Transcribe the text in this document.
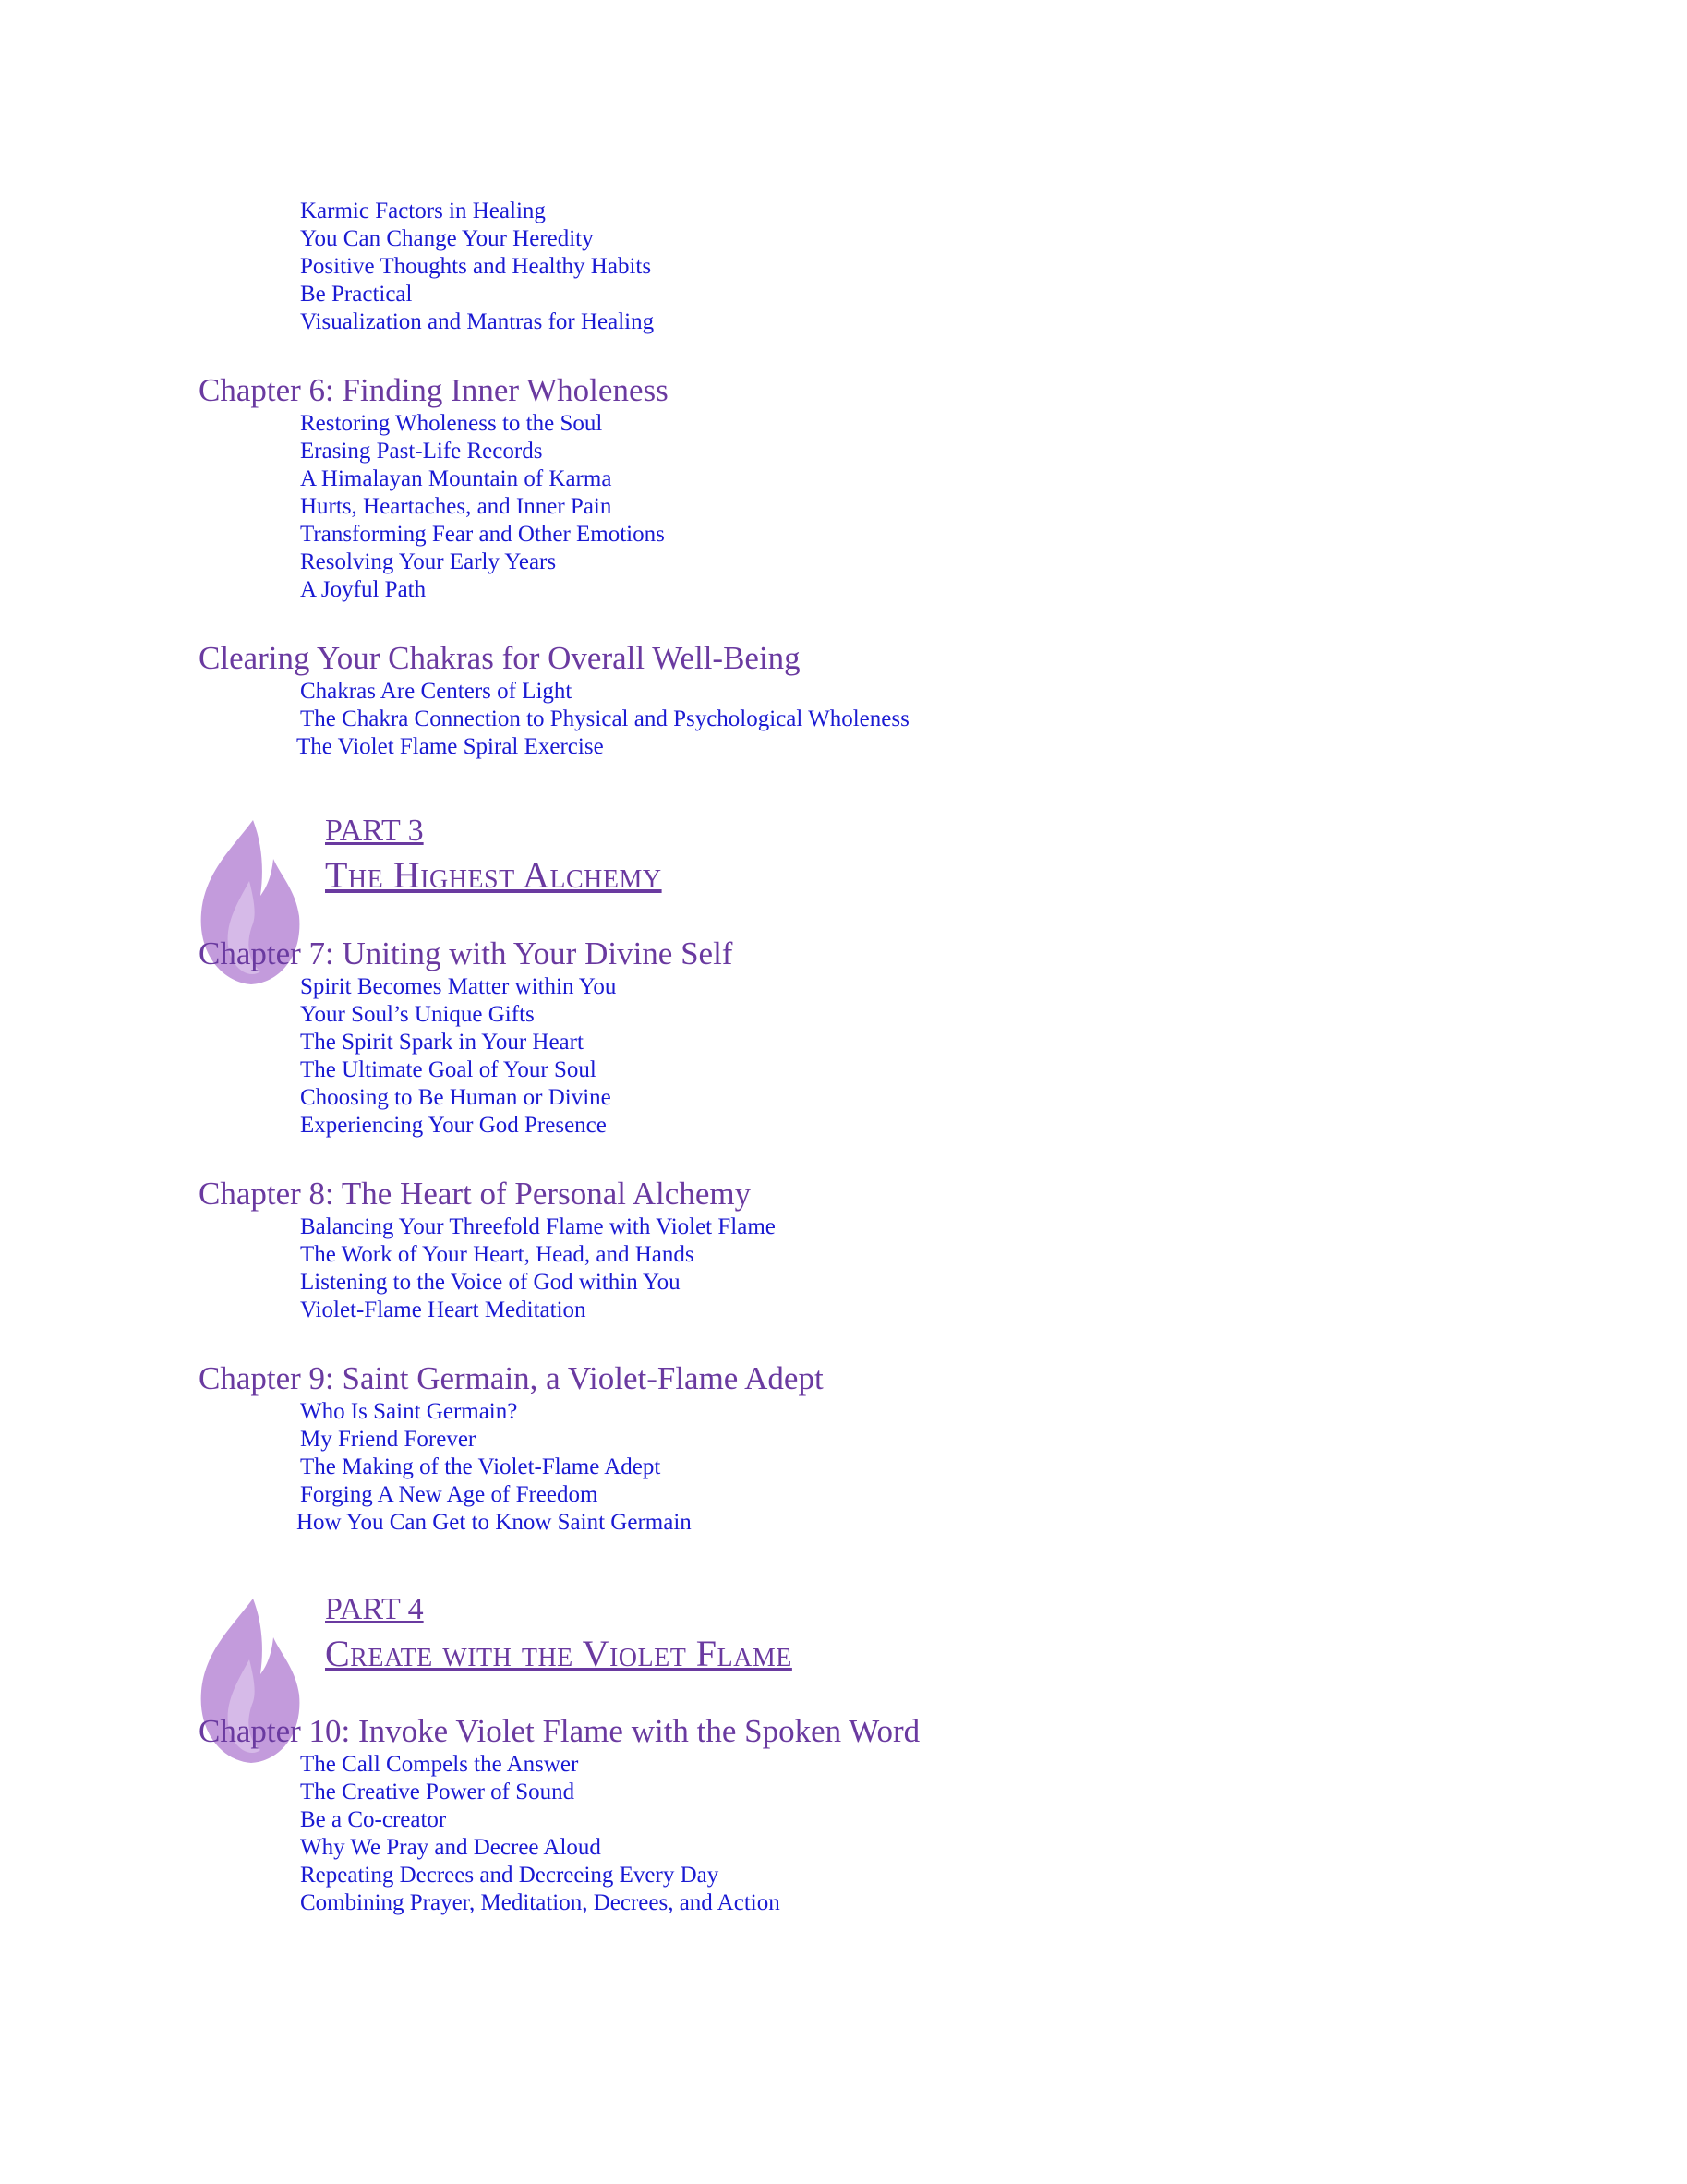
Karmic Factors in Healing
You Can Change Your Heredity
Positive Thoughts and Healthy Habits
Be Practical
Visualization and Mantras for Healing
Chapter 6: Finding Inner Wholeness
Restoring Wholeness to the Soul
Erasing Past-Life Records
A Himalayan Mountain of Karma
Hurts, Heartaches, and Inner Pain
Transforming Fear and Other Emotions
Resolving Your Early Years
A Joyful Path
Clearing Your Chakras for Overall Well-Being
Chakras Are Centers of Light
The Chakra Connection to Physical and Psychological Wholeness
The Violet Flame Spiral Exercise
PART 3
The Highest Alchemy
Chapter 7: Uniting with Your Divine Self
Spirit Becomes Matter within You
Your Soul’s Unique Gifts
The Spirit Spark in Your Heart
The Ultimate Goal of Your Soul
Choosing to Be Human or Divine
Experiencing Your God Presence
Chapter 8: The Heart of Personal Alchemy
Balancing Your Threefold Flame with Violet Flame
The Work of Your Heart, Head, and Hands
Listening to the Voice of God within You
Violet-Flame Heart Meditation
Chapter 9: Saint Germain, a Violet-Flame Adept
Who Is Saint Germain?
My Friend Forever
The Making of the Violet-Flame Adept
Forging A New Age of Freedom
How You Can Get to Know Saint Germain
PART 4
Create with the Violet Flame
Chapter 10: Invoke Violet Flame with the Spoken Word
The Call Compels the Answer
The Creative Power of Sound
Be a Co-creator
Why We Pray and Decree Aloud
Repeating Decrees and Decreeing Every Day
Combining Prayer, Meditation, Decrees, and Action
